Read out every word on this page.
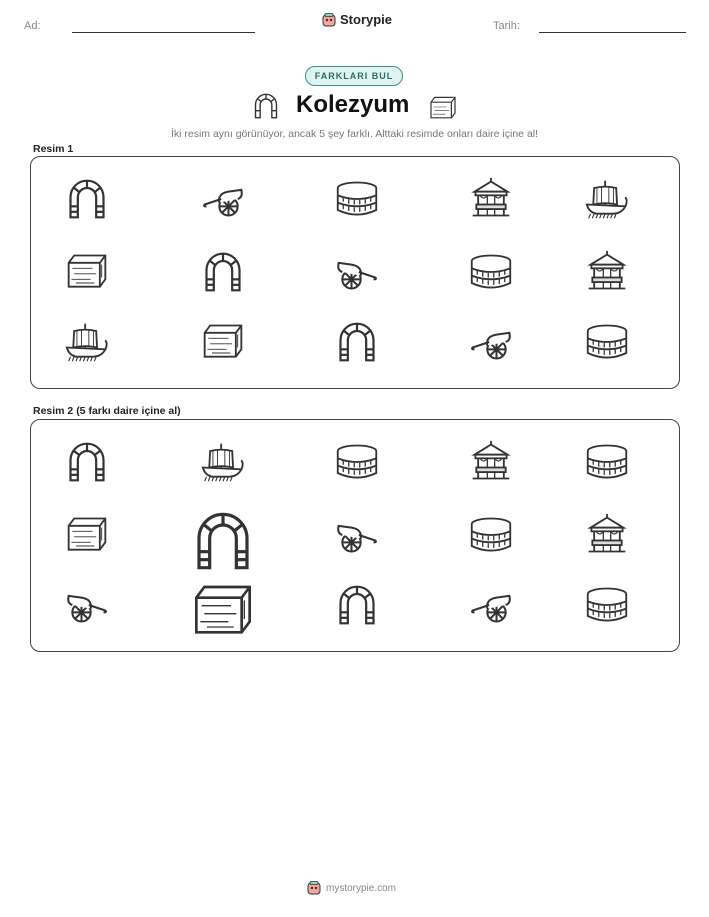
Ad:	Storypie	Tarih:
FARKLARI BUL
Kolezyum
İki resim aynı görünüyor, ancak 5 şey farklı. Alttaki resimde onları daire içine al!
Resim 1
Resim 2 (5 farkı daire içine al)
mystorypie.com
